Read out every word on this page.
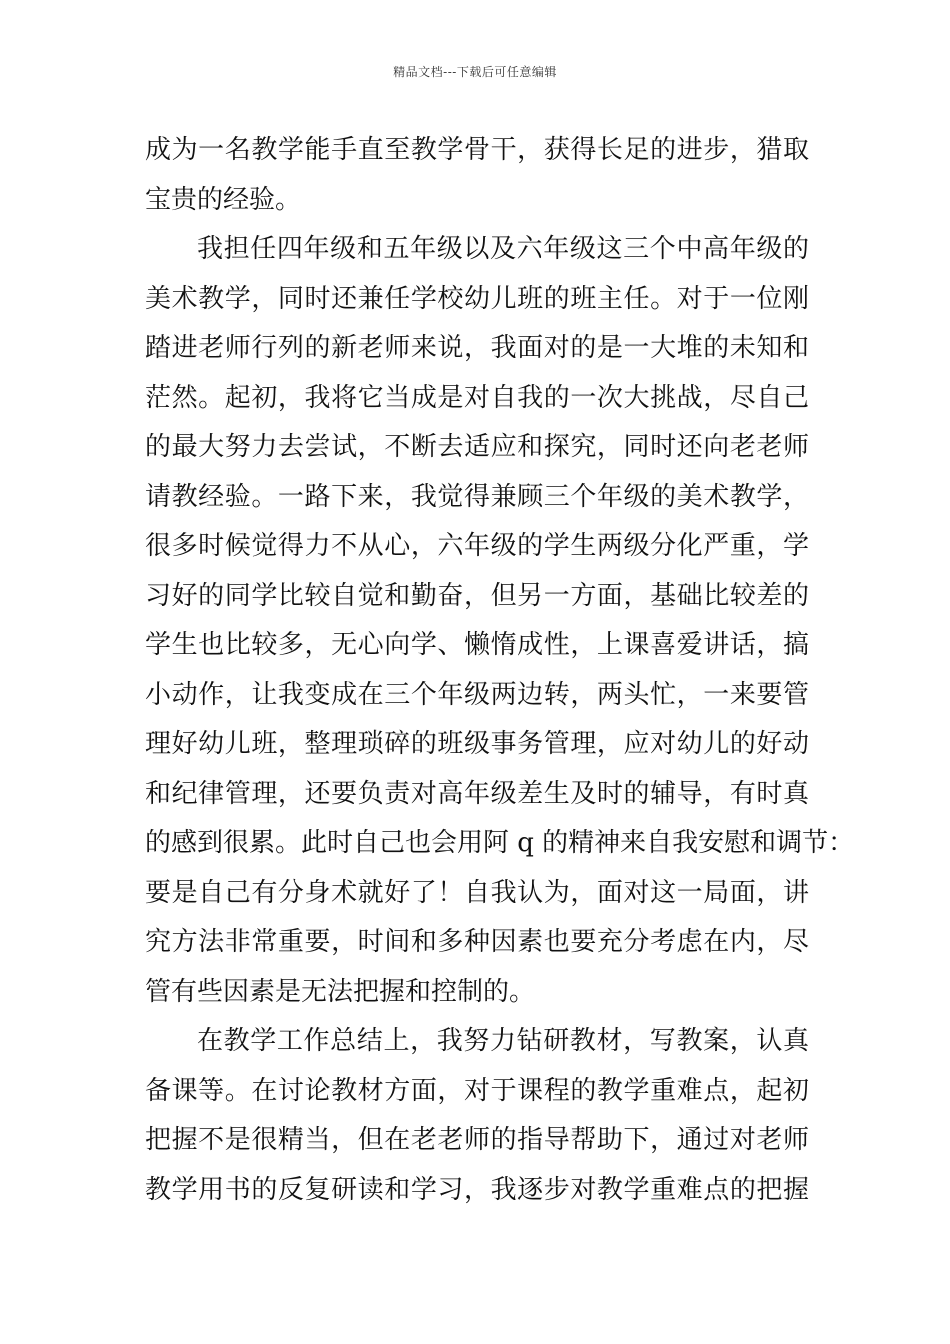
精品文档---下载后可任意编辑
成为一名教学能手直至教学骨干，获得长足的进步，猎取
宝贵的经验。
我担任四年级和五年级以及六年级这三个中高年级的
美术教学，同时还兼任学校幼儿班的班主任。对于一位刚
踏进老师行列的新老师来说，我面对的是一大堆的未知和
茫然。起初，我将它当成是对自我的一次大挑战，尽自己
的最大努力去尝试，不断去适应和探究，同时还向老老师
请教经验。一路下来，我觉得兼顾三个年级的美术教学，
很多时候觉得力不从心，六年级的学生两级分化严重，学
习好的同学比较自觉和勤奋，但另一方面，基础比较差的
学生也比较多，无心向学、懒惰成性，上课喜爱讲话，搞
小动作，让我变成在三个年级两边转，两头忙，一来要管
理好幼儿班，整理琐碎的班级事务管理，应对幼儿的好动
和纪律管理，还要负责对高年级差生及时的辅导，有时真
的感到很累。此时自己也会用阿 q 的精神来自我安慰和调节：
要是自己有分身术就好了！自我认为，面对这一局面，讲
究方法非常重要，时间和多种因素也要充分考虑在内，尽
管有些因素是无法把握和控制的。
在教学工作总结上，我努力钻研教材，写教案，认真
备课等。在讨论教材方面，对于课程的教学重难点，起初
把握不是很精当，但在老老师的指导帮助下，通过对老师
教学用书的反复研读和学习，我逐步对教学重难点的把握
